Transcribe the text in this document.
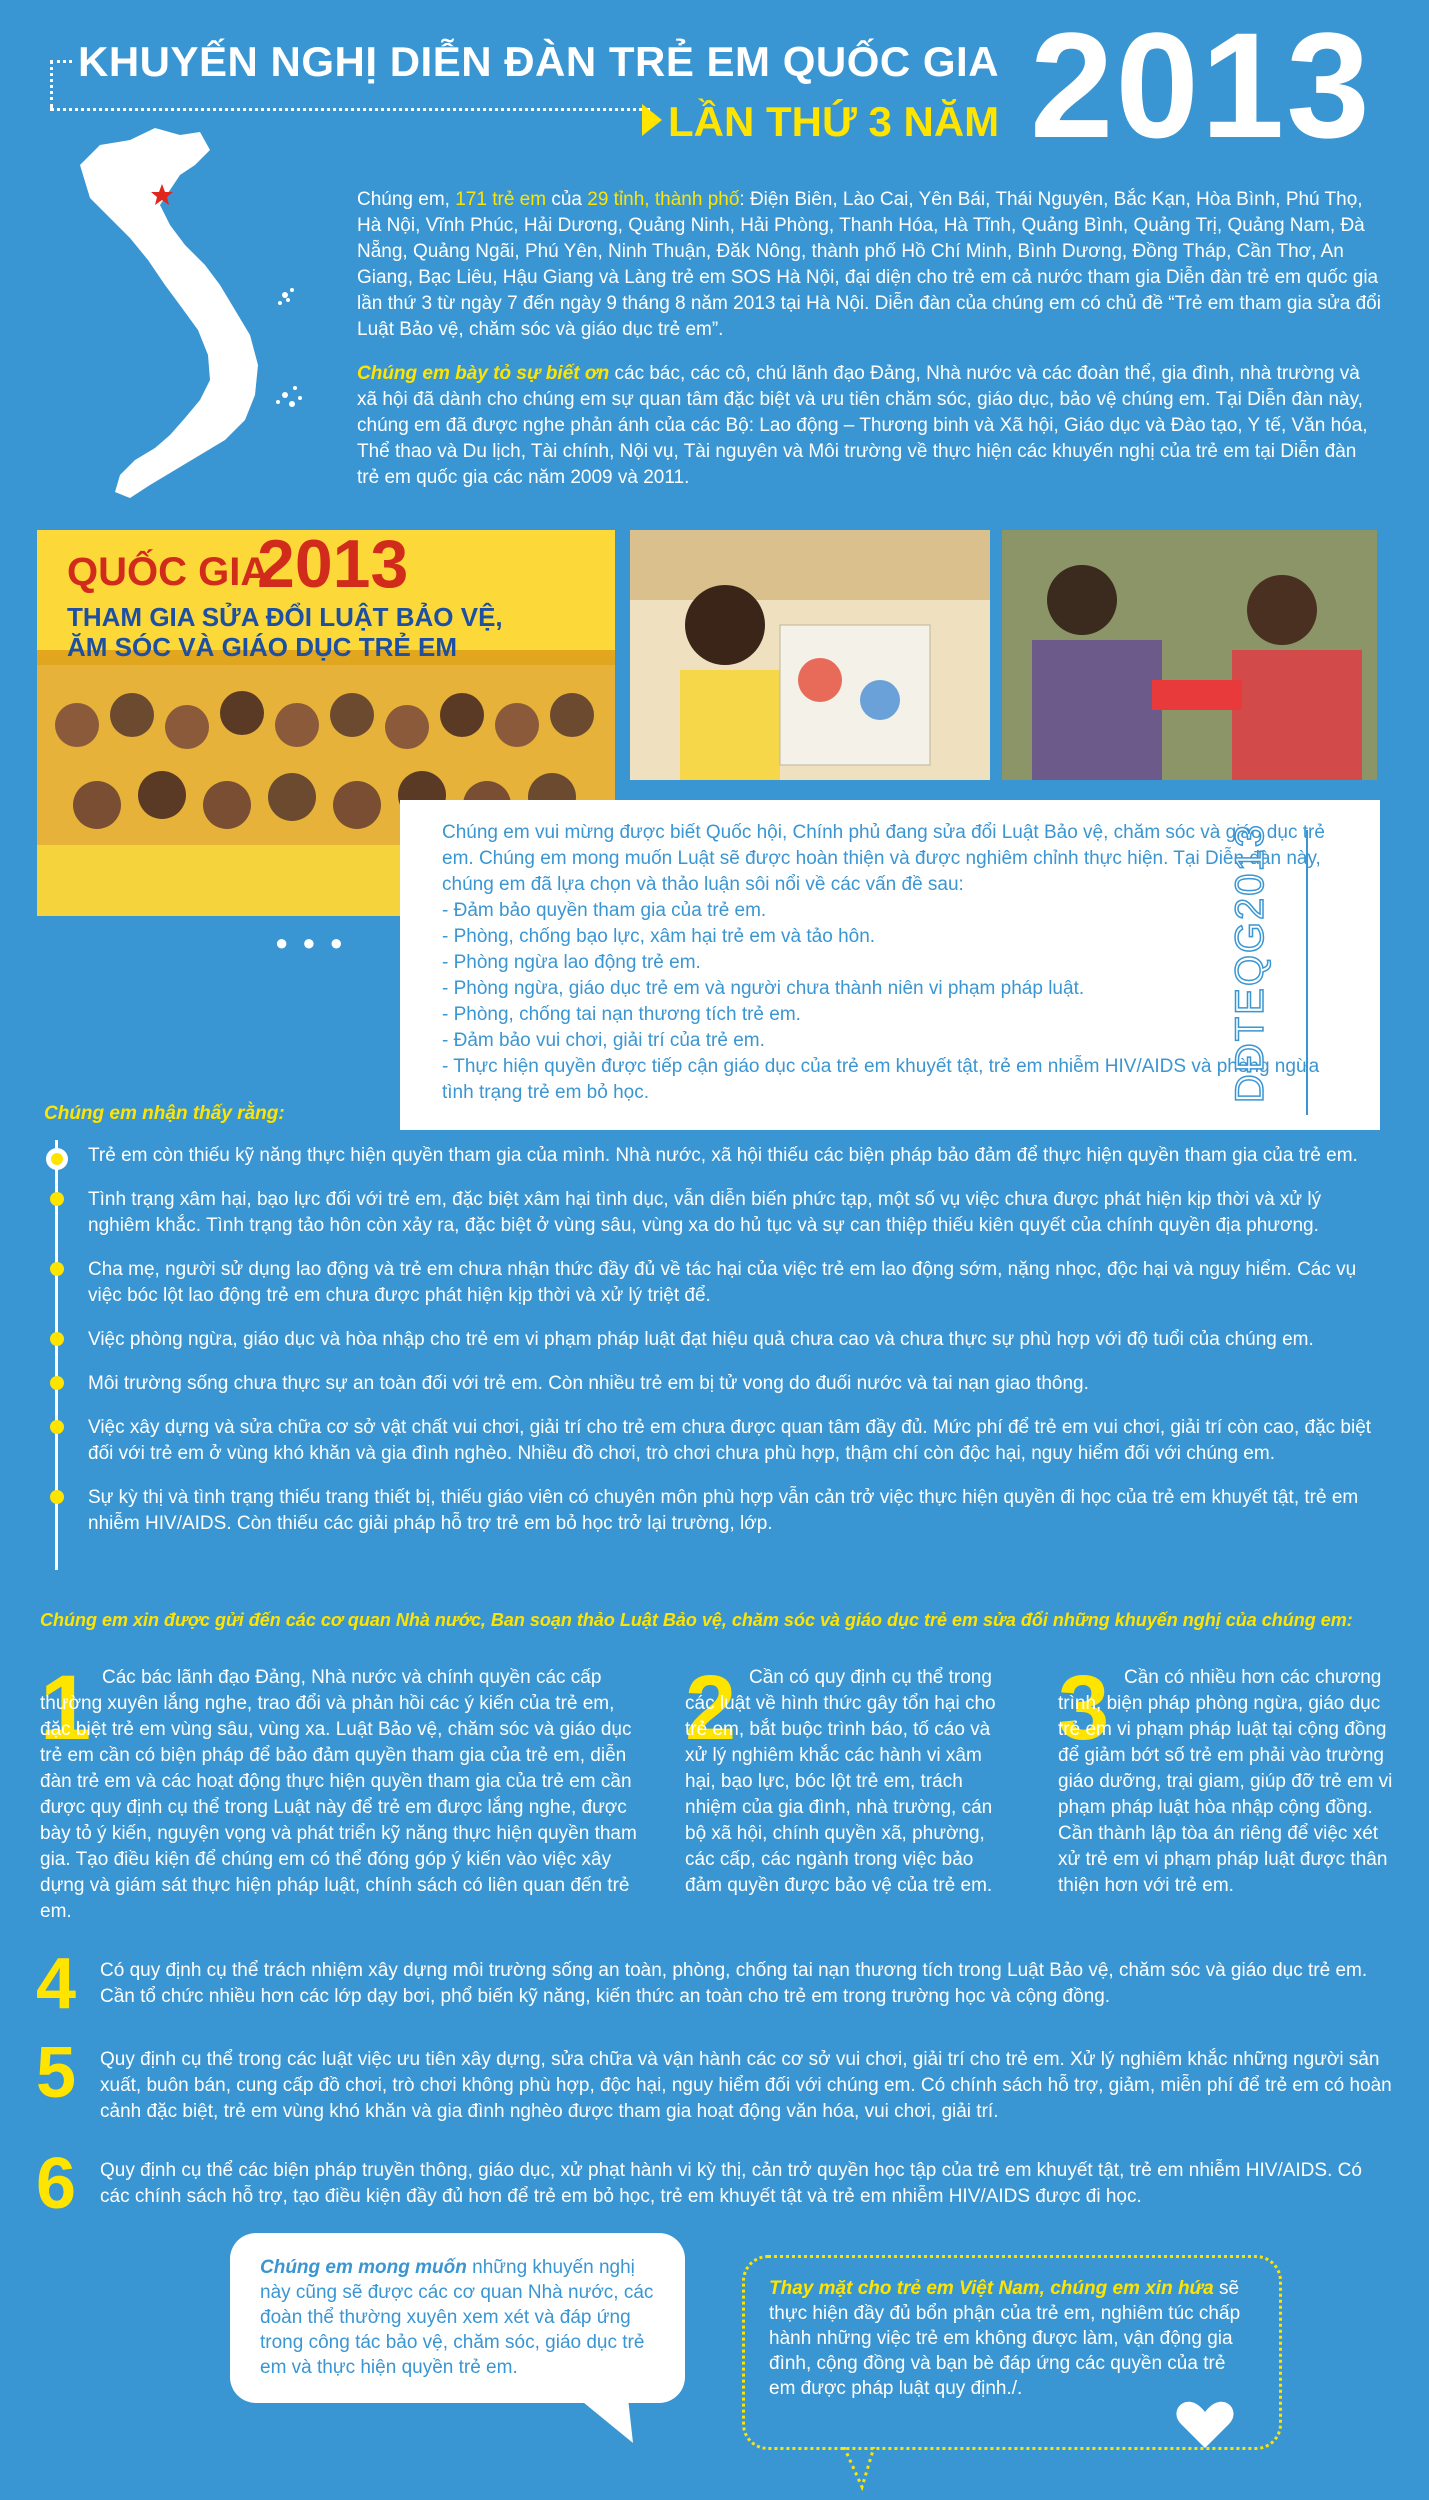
KHUYẾN NGHỊ DIỄN ĐÀN TRẺ EM QUỐC GIA
LẦN THỨ 3 NĂM 2013

Chúng em, 171 trẻ em của 29 tỉnh, thành phố: Điện Biên, Lào Cai, Yên Bái, Thái Nguyên, Bắc Kạn, Hòa Bình, Phú Thọ, Hà Nội, Vĩnh Phúc, Hải Dương, Quảng Ninh, Hải Phòng, Thanh Hóa, Hà Tĩnh, Quảng Bình, Quảng Trị, Quảng Nam, Đà Nẵng, Quảng Ngãi, Phú Yên, Ninh Thuận, Đăk Nông, thành phố Hồ Chí Minh, Bình Dương, Đồng Tháp, Cần Thơ, An Giang, Bạc Liêu, Hậu Giang và Làng trẻ em SOS Hà Nội, đại diện cho trẻ em cả nước tham gia Diễn đàn trẻ em quốc gia lần thứ 3 từ ngày 7 đến ngày 9 tháng 8 năm 2013 tại Hà Nội. Diễn đàn của chúng em có chủ đề “Trẻ em tham gia sửa đổi Luật Bảo vệ, chăm sóc và giáo dục trẻ em”.

Chúng em bày tỏ sự biết ơn các bác, các cô, chú lãnh đạo Đảng, Nhà nước và các đoàn thể, gia đình, nhà trường và xã hội đã dành cho chúng em sự quan tâm đặc biệt và ưu tiên chăm sóc, giáo dục, bảo vệ chúng em. Tại Diễn đàn này, chúng em đã được nghe phản ánh của các Bộ: Lao động – Thương binh và Xã hội, Giáo dục và Đào tạo, Y tế, Văn hóa, Thể thao và Du lịch, Tài chính, Nội vụ, Tài nguyên và Môi trường về thực hiện các khuyến nghị của trẻ em tại Diễn đàn trẻ em quốc gia các năm 2009 và 2011.

QUỐC GIA
2013
THAM GIA SỬA ĐỔI LUẬT BẢO VỆ,
ĂM SÓC VÀ GIÁO DỤC TRẺ EM
●●●
Chúng em vui mừng được biết Quốc hội, Chính phủ đang sửa đổi Luật Bảo vệ, chăm sóc và giáo dục trẻ em. Chúng em mong muốn Luật sẽ được hoàn thiện và được nghiêm chỉnh thực hiện. Tại Diễn đàn này, chúng em đã lựa chọn và thảo luận sôi nổi về các vấn đề sau:
- Đảm bảo quyền tham gia của trẻ em.
- Phòng, chống bạo lực, xâm hại trẻ em và tảo hôn.
- Phòng ngừa lao động trẻ em.
- Phòng ngừa, giáo dục trẻ em và người chưa thành niên vi phạm pháp luật.
- Phòng, chống tai nạn thương tích trẻ em.
- Đảm bảo vui chơi, giải trí của trẻ em.
- Thực hiện quyền được tiếp cận giáo dục của trẻ em khuyết tật, trẻ em nhiễm HIV/AIDS và phòng ngừa tình trạng trẻ em bỏ học.	DĐTEQG2013
Chúng em nhận thấy rằng:
Trẻ em còn thiếu kỹ năng thực hiện quyền tham gia của mình. Nhà nước, xã hội thiếu các biện pháp bảo đảm để thực hiện quyền tham gia của trẻ em.
Tình trạng xâm hại, bạo lực đối với trẻ em, đặc biệt xâm hại tình dục, vẫn diễn biến phức tạp, một số vụ việc chưa được phát hiện kịp thời và xử lý nghiêm khắc. Tình trạng tảo hôn còn xảy ra, đặc biệt ở vùng sâu, vùng xa do hủ tục và sự can thiệp thiếu kiên quyết của chính quyền địa phương.
Cha mẹ, người sử dụng lao động và trẻ em chưa nhận thức đầy đủ về tác hại của việc trẻ em lao động sớm, nặng nhọc, độc hại và nguy hiểm. Các vụ việc bóc lột lao động trẻ em chưa được phát hiện kịp thời và xử lý triệt để.
Việc phòng ngừa, giáo dục và hòa nhập cho trẻ em vi phạm pháp luật đạt hiệu quả chưa cao và chưa thực sự phù hợp với độ tuổi của chúng em.
Môi trường sống chưa thực sự an toàn đối với trẻ em. Còn nhiều trẻ em bị tử vong do đuối nước và tai nạn giao thông.
Việc xây dựng và sửa chữa cơ sở vật chất vui chơi, giải trí cho trẻ em chưa được quan tâm đầy đủ. Mức phí để trẻ em vui chơi, giải trí còn cao, đặc biệt đối với trẻ em ở vùng khó khăn và gia đình nghèo. Nhiều đồ chơi, trò chơi chưa phù hợp, thậm chí còn độc hại, nguy hiểm đối với chúng em.
Sự kỳ thị và tình trạng thiếu trang thiết bị, thiếu giáo viên có chuyên môn phù hợp vẫn cản trở việc thực hiện quyền đi học của trẻ em khuyết tật, trẻ em nhiễm HIV/AIDS. Còn thiếu các giải pháp hỗ trợ trẻ em bỏ học trở lại trường, lớp.
Chúng em xin được gửi đến các cơ quan Nhà nước, Ban soạn thảo Luật Bảo vệ, chăm sóc và giáo dục trẻ em sửa đổi những khuyến nghị của chúng em:
1 Các bác lãnh đạo Đảng, Nhà nước và chính quyền các cấp thường xuyên lắng nghe, trao đổi và phản hồi các ý kiến của trẻ em, đặc biệt trẻ em vùng sâu, vùng xa. Luật Bảo vệ, chăm sóc và giáo dục trẻ em cần có biện pháp để bảo đảm quyền tham gia của trẻ em, diễn đàn trẻ em và các hoạt động thực hiện quyền tham gia của trẻ em cần được quy định cụ thể trong Luật này để trẻ em được lắng nghe, được bày tỏ ý kiến, nguyện vọng và phát triển kỹ năng thực hiện quyền tham gia. Tạo điều kiện để chúng em có thể đóng góp ý kiến vào việc xây dựng và giám sát thực hiện pháp luật, chính sách có liên quan đến trẻ em.
2 Cần có quy định cụ thể trong các luật về hình thức gây tổn hại cho trẻ em, bắt buộc trình báo, tố cáo và xử lý nghiêm khắc các hành vi xâm hại, bạo lực, bóc lột trẻ em, trách nhiệm của gia đình, nhà trường, cán bộ xã hội, chính quyền xã, phường, các cấp, các ngành trong việc bảo đảm quyền được bảo vệ của trẻ em.
3 Cần có nhiều hơn các chương trình, biện pháp phòng ngừa, giáo dục trẻ em vi phạm pháp luật tại cộng đồng để giảm bớt số trẻ em phải vào trường giáo dưỡng, trại giam, giúp đỡ trẻ em vi phạm pháp luật hòa nhập cộng đồng. Cần thành lập tòa án riêng để việc xét xử trẻ em vi phạm pháp luật được thân thiện hơn với trẻ em.
4 Có quy định cụ thể trách nhiệm xây dựng môi trường sống an toàn, phòng, chống tai nạn thương tích trong Luật Bảo vệ, chăm sóc và giáo dục trẻ em. Cần tổ chức nhiều hơn các lớp dạy bơi, phổ biến kỹ năng, kiến thức an toàn cho trẻ em trong trường học và cộng đồng.
5 Quy định cụ thể trong các luật việc ưu tiên xây dựng, sửa chữa và vận hành các cơ sở vui chơi, giải trí cho trẻ em. Xử lý nghiêm khắc những người sản xuất, buôn bán, cung cấp đồ chơi, trò chơi không phù hợp, độc hại, nguy hiểm đối với chúng em. Có chính sách hỗ trợ, giảm, miễn phí để trẻ em có hoàn cảnh đặc biệt, trẻ em vùng khó khăn và gia đình nghèo được tham gia hoạt động văn hóa, vui chơi, giải trí.
6 Quy định cụ thể các biện pháp truyền thông, giáo dục, xử phạt hành vi kỳ thị, cản trở quyền học tập của trẻ em khuyết tật, trẻ em nhiễm HIV/AIDS. Có các chính sách hỗ trợ, tạo điều kiện đầy đủ hơn để trẻ em bỏ học, trẻ em khuyết tật và trẻ em nhiễm HIV/AIDS được đi học.
Chúng em mong muốn những khuyến nghị này cũng sẽ được các cơ quan Nhà nước, các đoàn thể thường xuyên xem xét và đáp ứng trong công tác bảo vệ, chăm sóc, giáo dục trẻ em và thực hiện quyền trẻ em.
Thay mặt cho trẻ em Việt Nam, chúng em xin hứa sẽ thực hiện đầy đủ bổn phận của trẻ em, nghiêm túc chấp hành những việc trẻ em không được làm, vận động gia đình, cộng đồng và bạn bè đáp ứng các quyền của trẻ em được pháp luật quy định./.
